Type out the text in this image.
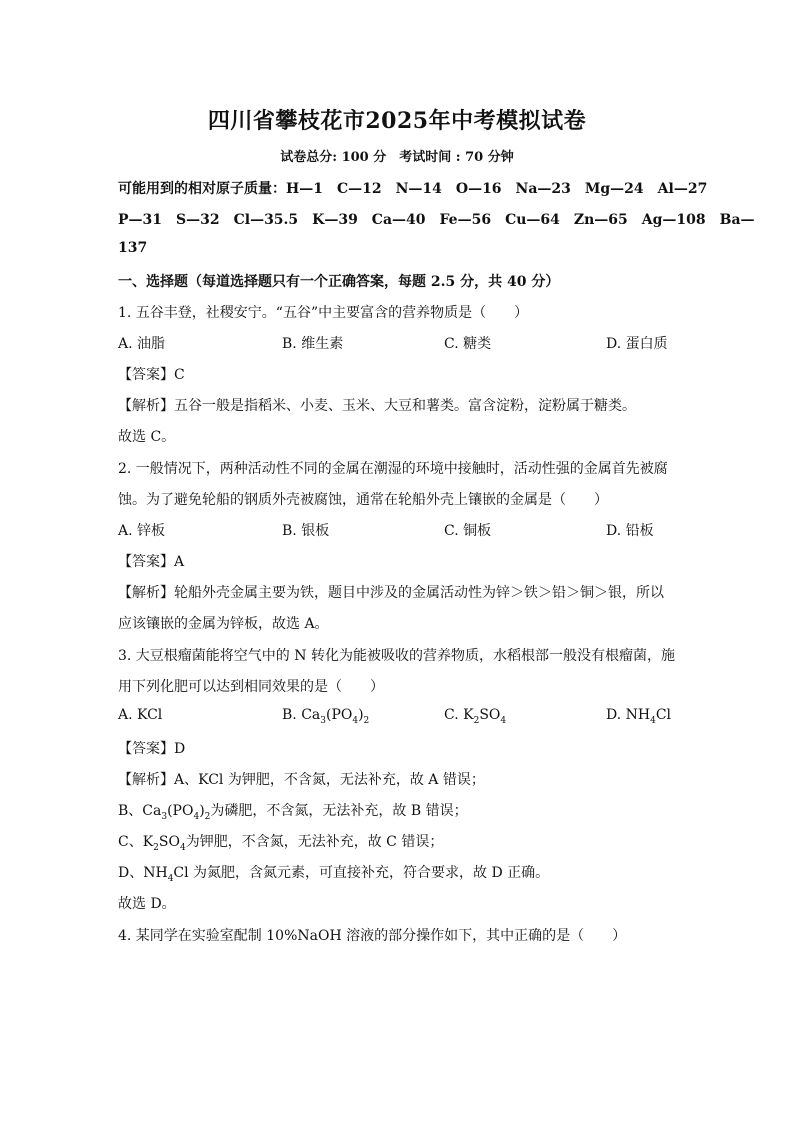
四川省攀枝花市2025年中考模拟试卷
试卷总分: 100 分　考试时间 : 70 分钟
可能用到的相对原子质量：H—1　C—12　N—14　O—16　Na—23　Mg—24　Al—27
P—31　S—32　Cl—35.5　K—39　Ca—40　Fe—56　Cu—64　Zn—65　Ag—108　Ba—
137
一、选择题（每道选择题只有一个正确答案，每题 2.5 分，共 40 分）
1. 五谷丰登，社稷安宁。“五谷”中主要富含的营养物质是（　　）
A. 油脂	B. 维生素	C. 糖类	D. 蛋白质
【答案】C
【解析】五谷一般是指稻米、小麦、玉米、大豆和薯类。富含淀粉，淀粉属于糖类。
故选 C。
2. 一般情况下，两种活动性不同的金属在潮湿的环境中接触时，活动性强的金属首先被腐
蚀。为了避免轮船的钢质外壳被腐蚀，通常在轮船外壳上镶嵌的金属是（　　）
A. 锌板	B. 银板	C. 铜板	D. 铅板
【答案】A
【解析】轮船外壳金属主要为铁，题目中涉及的金属活动性为锌＞铁＞铅＞铜＞银，所以
应该镶嵌的金属为锌板，故选 A。
3. 大豆根瘤菌能将空气中的 N 转化为能被吸收的营养物质，水稻根部一般没有根瘤菌，施
用下列化肥可以达到相同效果的是（　　）
A. KCl	B. $Ca_3(PO_4)_2$	C. $K_2SO_4$	D. $NH_4Cl$
【答案】D
【解析】A、KCl 为钾肥，不含氮，无法补充，故 A 错误；
B、$Ca_3(PO_4)_2$为磷肥，不含氮，无法补充，故 B 错误；
C、$K_2SO_4$为钾肥，不含氮，无法补充，故 C 错误；
D、$NH_4Cl$ 为氮肥，含氮元素，可直接补充，符合要求，故 D 正确。
故选 D。
4. 某同学在实验室配制 10%NaOH 溶液的部分操作如下，其中正确的是（　　）
